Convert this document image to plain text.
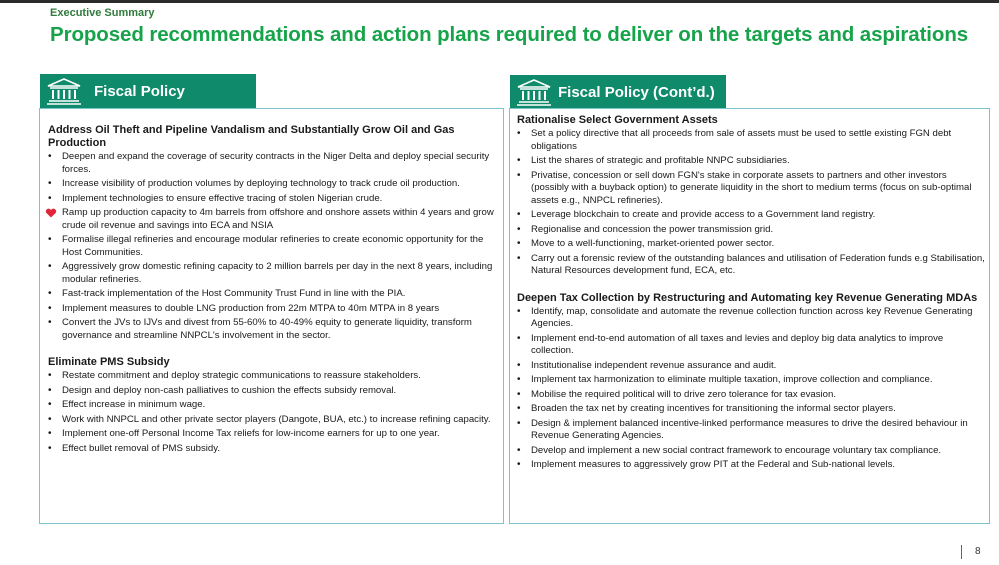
Executive Summary
Proposed recommendations and action plans required to deliver on the targets and aspirations
Fiscal Policy	Fiscal Policy (Cont’d.)
Address Oil Theft and Pipeline Vandalism and Substantially Grow Oil and Gas Production
• Deepen and expand the coverage of security contracts in the Niger Delta and deploy special security forces.
• Increase visibility of production volumes by deploying technology to track crude oil production.
• Implement technologies to ensure effective tracing of stolen Nigerian crude.
Ramp up production capacity to 4m barrels from offshore and onshore assets within 4 years and grow crude oil revenue and savings into ECA and NSIA
• Formalise illegal refineries and encourage modular refineries to create economic opportunity for the Host Communities.
• Aggressively grow domestic refining capacity to 2 million barrels per day in the next 8 years, including modular refineries.
• Fast-track implementation of the Host Community Trust Fund in line with the PIA.
• Implement measures to double LNG production from 22m MTPA to 40m MTPA in 8 years
• Convert the JVs to IJVs and divest from 55-60% to 40-49% equity to generate liquidity, transform governance and streamline NNPCL's involvement in the sector.
Eliminate PMS Subsidy
• Restate commitment and deploy strategic communications to reassure stakeholders.
• Design and deploy non-cash palliatives to cushion the effects subsidy removal.
• Effect increase in minimum wage.
• Work with NNPCL and other private sector players (Dangote, BUA, etc.) to increase refining capacity.
• Implement one-off Personal Income Tax reliefs for low-income earners for up to one year.
• Effect bullet removal of PMS subsidy.
Rationalise Select Government Assets
• Set a policy directive that all proceeds from sale of assets must be used to settle existing FGN debt obligations
• List the shares of strategic and profitable NNPC subsidiaries.
• Privatise, concession or sell down FGN's stake in corporate assets to partners and other investors (possibly with a buyback option) to generate liquidity in the short to medium terms (focus on sub-optimal assets e.g., NNPCL refineries).
• Leverage blockchain to create and provide access to a Government land registry.
• Regionalise and concession the power transmission grid.
• Move to a well-functioning, market-oriented power sector.
• Carry out a forensic review of the outstanding balances and utilisation of Federation funds e.g Stabilisation, Natural Resources development fund, ECA, etc.
Deepen Tax Collection by Restructuring and Automating key Revenue Generating MDAs
• Identify, map, consolidate and automate the revenue collection function across key Revenue Generating Agencies.
• Implement end-to-end automation of all taxes and levies and deploy big data analytics to improve collection.
• Institutionalise independent revenue assurance and audit.
• Implement tax harmonization to eliminate multiple taxation, improve collection and compliance.
• Mobilise the required political will to drive zero tolerance for tax evasion.
• Broaden the tax net by creating incentives for transitioning the informal sector players.
• Design & implement balanced incentive-linked performance measures to drive the desired behaviour in Revenue Generating Agencies.
• Develop and implement a new social contract framework to encourage voluntary tax compliance.
• Implement measures to aggressively grow PIT at the Federal and Sub-national levels.
8
